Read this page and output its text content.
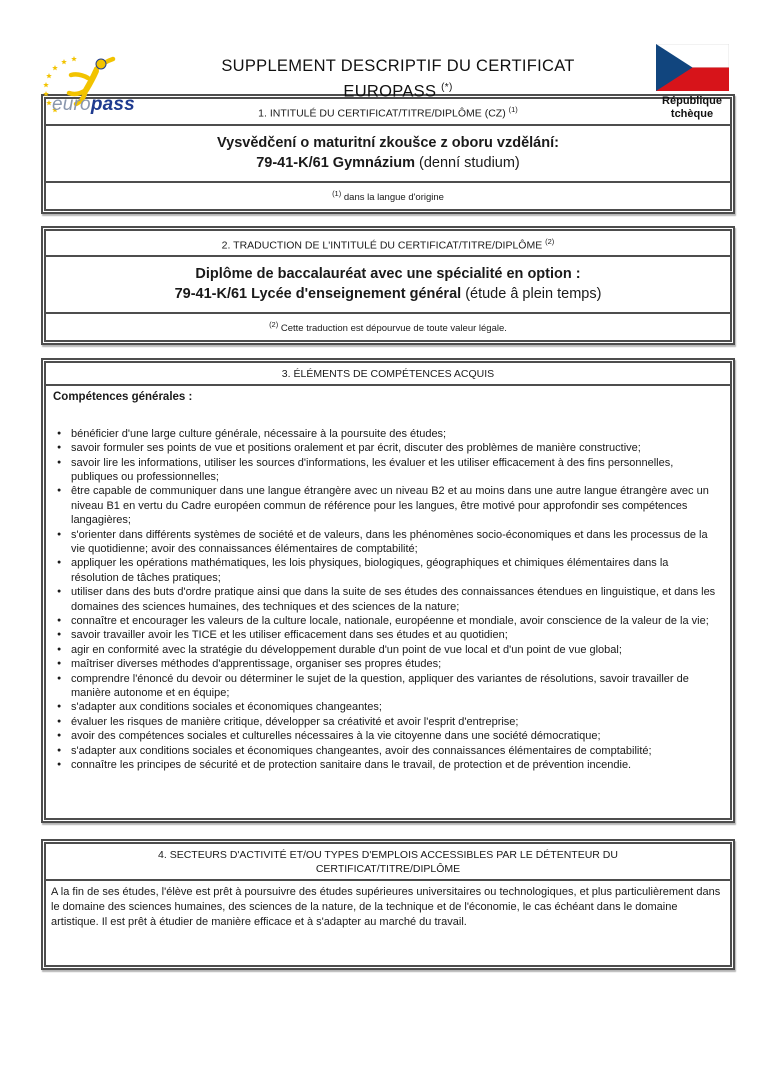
europass
SUPPLEMENT DESCRIPTIF DU CERTIFICAT
EUROPASS (*)
République
tchèque
1. INTITULÉ DU CERTIFICAT/TITRE/DIPLÔME (CZ) $^{(1)}$
Vysvědčení o maturitní zkoušce z oboru vzdělání:
79-41-K/61 Gymnázium (denní studium)
$^{(1)}$ dans la langue d'origine
2. TRADUCTION DE L'INTITULÉ DU CERTIFICAT/TITRE/DIPLÔME $^{(2)}$
Diplôme de baccalauréat avec une spécialité en option :
79-41-K/61 Lycée d'enseignement général (étude â plein temps)
$^{(2)}$ Cette traduction est dépourvue de toute valeur légale.
3. ÉLÉMENTS DE COMPÉTENCES ACQUIS
Compétences générales :
● bénéficier d'une large culture générale, nécessaire à la poursuite des études;
● savoir formuler ses points de vue et positions oralement et par écrit, discuter des problèmes de manière constructive;
● savoir lire les informations, utiliser les sources d'informations, les évaluer et les utiliser efficacement à des fins personnelles, publiques ou professionnelles;
● être capable de communiquer dans une langue étrangère avec un niveau B2 et au moins dans une autre langue étrangère avec un niveau B1 en vertu du Cadre européen commun de référence pour les langues, être motivé pour approfondir ses compétences langagières;
● s'orienter dans différents systèmes de société et de valeurs, dans les phénomènes socio-économiques et dans les processus de la vie quotidienne; avoir des connaissances élémentaires de comptabilité;
● appliquer les opérations mathématiques, les lois physiques, biologiques, géographiques et chimiques élémentaires dans la résolution de tâches pratiques;
● utiliser dans des buts d'ordre pratique ainsi que dans la suite de ses études des connaissances étendues en linguistique, et dans les domaines des sciences humaines, des techniques et des sciences de la nature;
● connaître et encourager les valeurs de la culture locale, nationale, européenne et mondiale, avoir conscience de la valeur de la vie;
● savoir travailler avoir les TICE et les utiliser efficacement dans ses études et au quotidien;
● agir en conformité avec la stratégie du développement durable d'un point de vue local et d'un point de vue global;
● maîtriser diverses méthodes d'apprentissage, organiser ses propres études;
● comprendre l'énoncé du devoir ou déterminer le sujet de la question, appliquer des variantes de résolutions, savoir travailler de manière autonome et en équipe;
● s'adapter aux conditions sociales et économiques changeantes;
● évaluer les risques de manière critique, développer sa créativité et avoir l'esprit d'entreprise;
● avoir des compétences sociales et culturelles nécessaires à la vie citoyenne dans une société démocratique;
● s'adapter aux conditions sociales et économiques changeantes, avoir des connaissances élémentaires de comptabilité;
● connaître les principes de sécurité et de protection sanitaire dans le travail, de protection et de prévention incendie.
4. SECTEURS D'ACTIVITÉ ET/OU TYPES D'EMPLOIS ACCESSIBLES PAR LE DÉTENTEUR DU
CERTIFICAT/TITRE/DIPLÔME
A la fin de ses études, l'élève est prêt à poursuivre des études supérieures universitaires ou technologiques, et plus particulièrement dans le domaine des sciences humaines, des sciences de la nature, de la technique et de l'économie, le cas échéant dans le domaine artistique. Il est prêt à étudier de manière efficace et à s'adapter au marché du travail.
